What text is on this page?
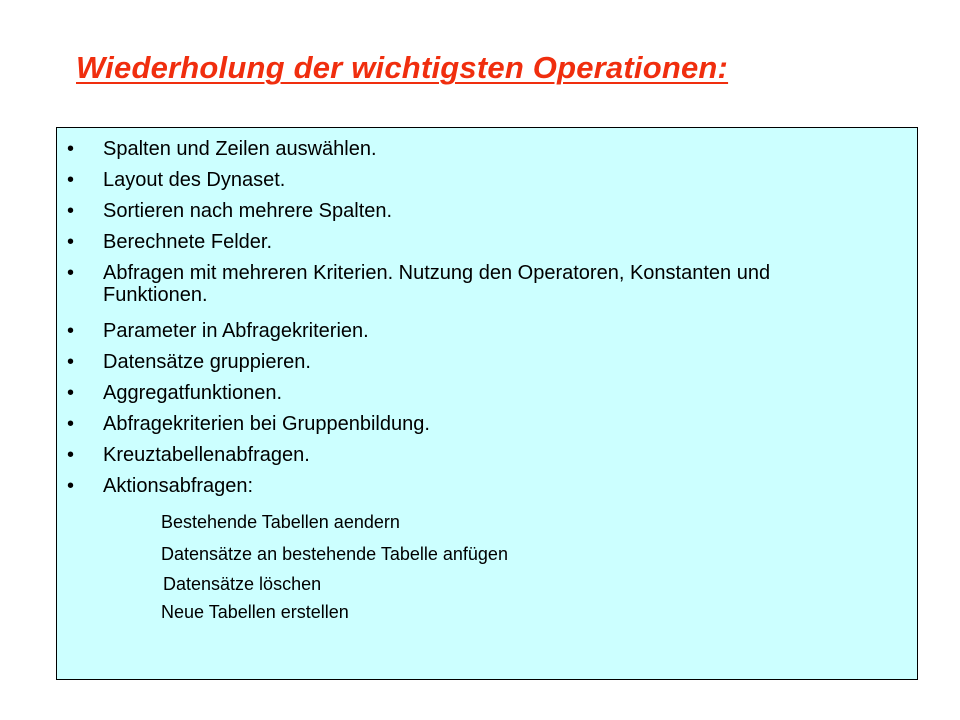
Wiederholung der wichtigsten Operationen:
•	Spalten und Zeilen auswählen.
•	Layout des Dynaset.
•	Sortieren nach mehrere Spalten.
•	Berechnete Felder.
•	Abfragen mit mehreren Kriterien. Nutzung den Operatoren, Konstanten und Funktionen.
•	Parameter in Abfragekriterien.
•	Datensätze gruppieren.
•	Aggregatfunktionen.
•	Abfragekriterien bei Gruppenbildung.
•	Kreuztabellenabfragen.
•	Aktionsabfragen:
Bestehende Tabellen aendern
Datensätze an bestehende Tabelle anfügen
Datensätze löschen
Neue Tabellen erstellen
